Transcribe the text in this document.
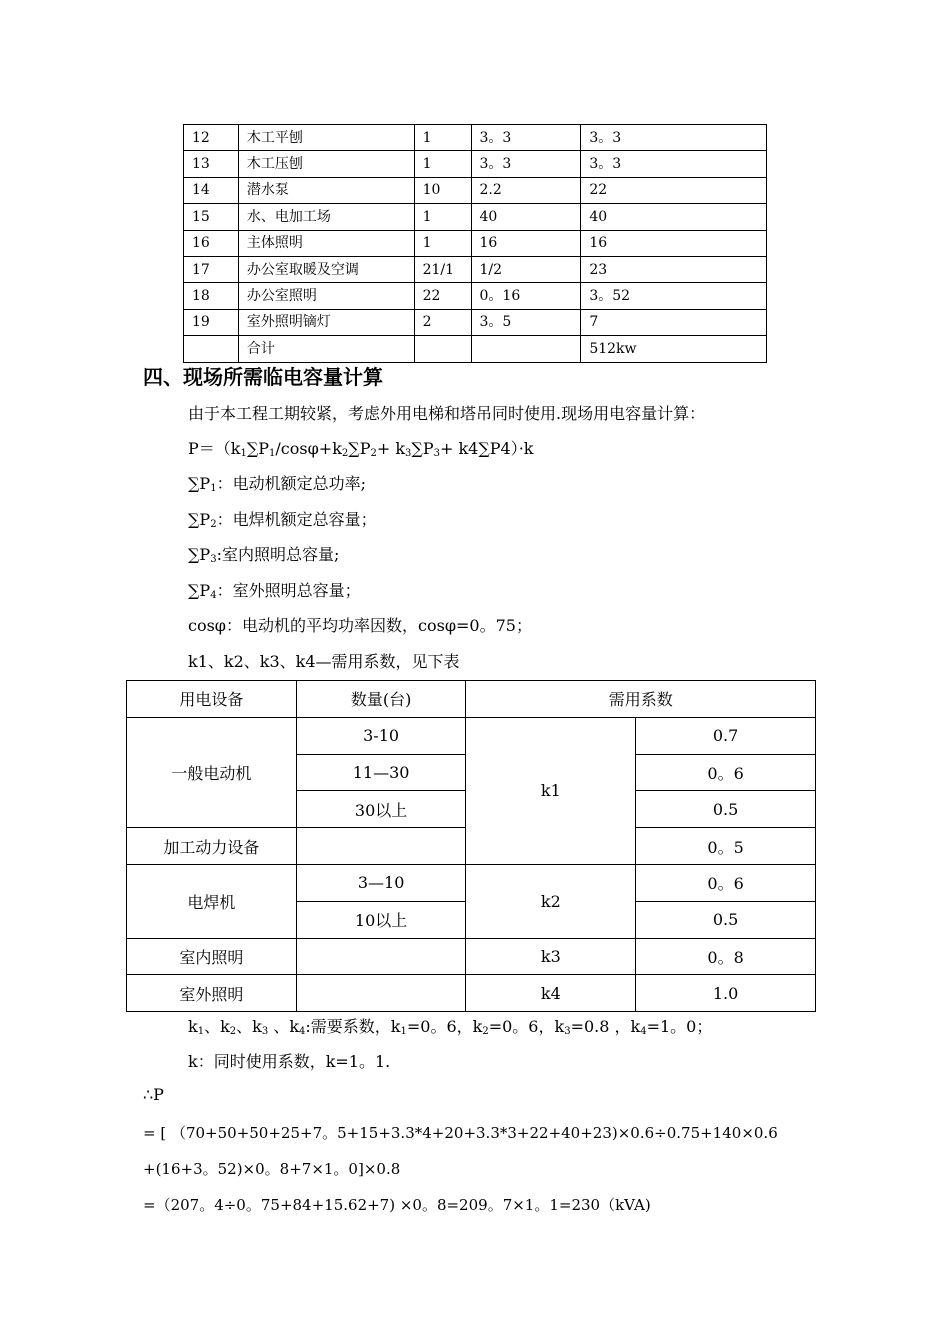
12	木工平刨	1	3。3	3。3
13	木工压刨	1	3。3	3。3
14	潜水泵	10	2.2	22
15	水、电加工场	1	40	40
16	主体照明	1	16	16
17	办公室取暖及空调	21/1	1/2	23
18	办公室照明	22	0。16	3。52
19	室外照明镝灯	2	3。5	7
	合计			512kw
四、现场所需临电容量计算
由于本工程工期较紧，考虑外用电梯和塔吊同时使用.现场用电容量计算：
$P=(k_1\sum P_1/\cos\varphi+k_2\sum P_2+ k_3\sum P_3+ k4\sum P4)\cdot k$
$\sum P_1$：电动机额定总功率;
$\sum P_2$：电焊机额定总容量；
$\sum P_3$:室内照明总容量;
$\sum P_4$：室外照明总容量；
cosφ：电动机的平均功率因数，cosφ=0。75；
k1、k2、k3、k4—需用系数，见下表
用电设备	数量(台)	需用系数	
一般电动机	3-10	k1	0.7
	11—30		0。6
	30以上		0.5
加工动力设备			0。5
电焊机	3—10	k2	0。6
	10以上		0.5
室内照明		k3	0。8
室外照明		k4	1.0
$k_1$、$k_2$、$k_3$ 、$k_4$:需要系数，$k_1=0$。6，$k_2=0$。6，$k_3=0.8$ ，$k_4=1$。0；
k：同时使用系数，k=1。1.
∴P
= [ （70+50+50+25+7。5+15+3.3*4+20+3.3*3+22+40+23)×0.6÷0.75+140×0.6
+(16+3。52)×0。8+7×1。0]×0.8
=（207。4÷0。75+84+15.62+7) ×0。8=209。7×1。1=230（kVA)
